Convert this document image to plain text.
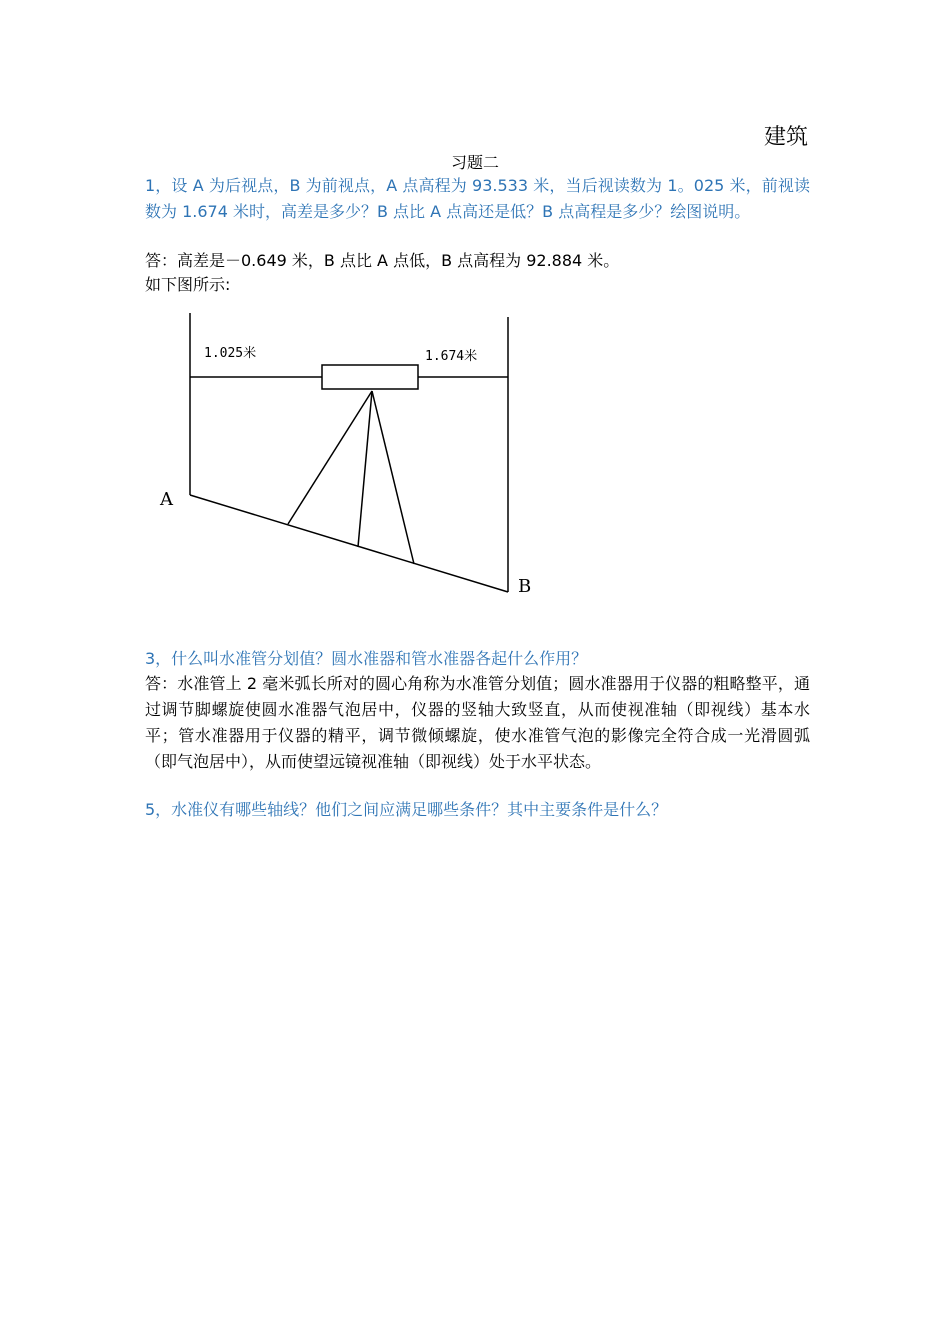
建筑
习题二
1，设 A 为后视点，B 为前视点，A 点高程为 93.533 米，当后视读数为 1。025 米，前视读数为 1.674 米时，高差是多少？B 点比 A 点高还是低？B 点高程是多少？绘图说明。
答：高差是－0.649 米，B 点比 A 点低，B 点高程为 92.884 米。
如下图所示:
1.025米	1.674米
A
B
3，什么叫水准管分划值？圆水准器和管水准器各起什么作用？
答：水准管上 2 毫米弧长所对的圆心角称为水准管分划值；圆水准器用于仪器的粗略整平，通过调节脚螺旋使圆水准器气泡居中，仪器的竖轴大致竖直，从而使视准轴（即视线）基本水平；管水准器用于仪器的精平，调节微倾螺旋，使水准管气泡的影像完全符合成一光滑圆弧（即气泡居中），从而使望远镜视准轴（即视线）处于水平状态。
5，水准仪有哪些轴线？他们之间应满足哪些条件？其中主要条件是什么？
